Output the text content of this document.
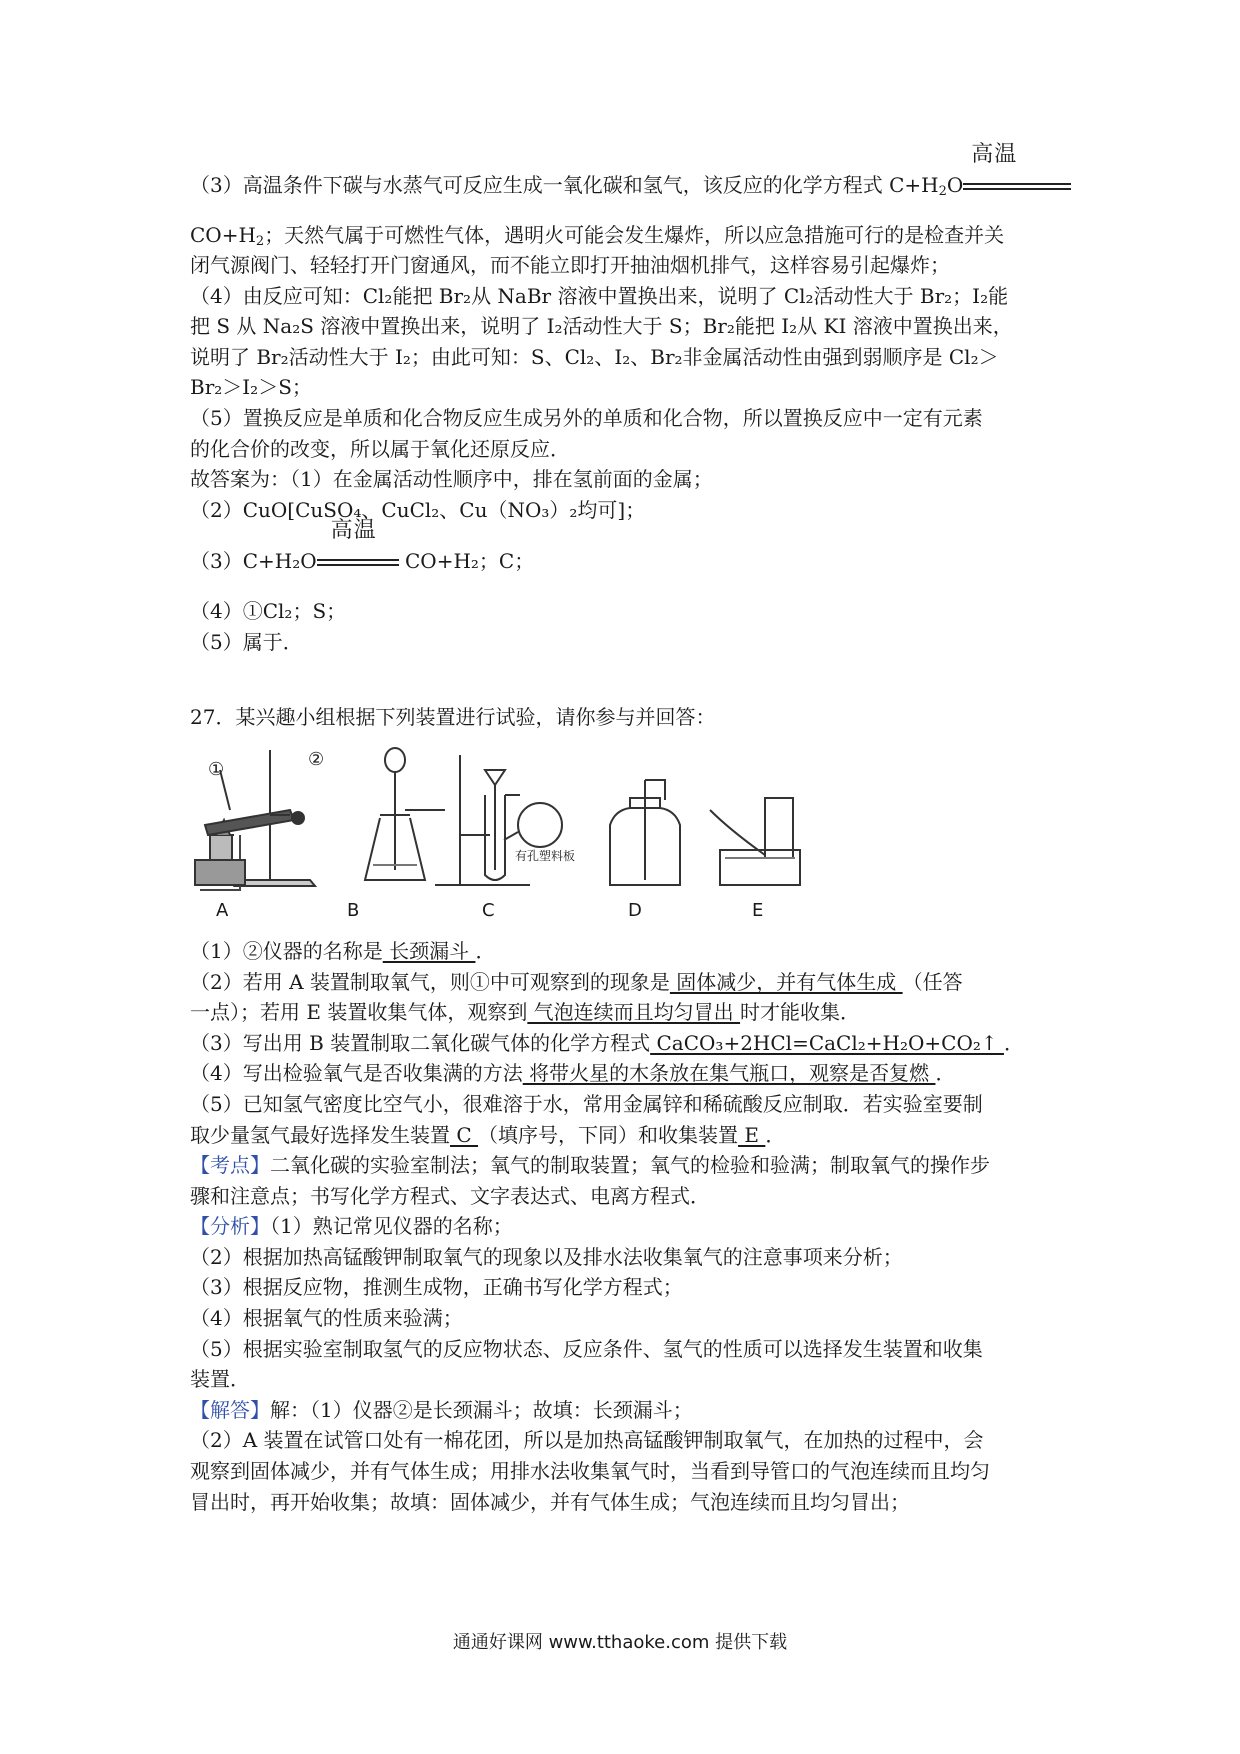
（3）高温条件下碳与水蒸气可反应生成一氧化碳和氢气，该反应的化学方程式 $C+H_2O$
高温
$CO+H_2$；天然气属于可燃性气体，遇明火可能会发生爆炸，所以应急措施可行的是检查并关
闭气源阀门、轻轻打开门窗通风，而不能立即打开抽油烟机排气，这样容易引起爆炸；
（4）由反应可知：Cl₂能把 Br₂从 NaBr 溶液中置换出来，说明了 Cl₂活动性大于 Br₂；I₂能
把 S 从 Na₂S 溶液中置换出来，说明了 I₂活动性大于 S；Br₂能把 I₂从 KI 溶液中置换出来，
说明了 Br₂活动性大于 I₂；由此可知：S、Cl₂、I₂、Br₂非金属活动性由强到弱顺序是 Cl₂＞
Br₂＞I₂＞S；
（5）置换反应是单质和化合物反应生成另外的单质和化合物，所以置换反应中一定有元素
的化合价的改变，所以属于氧化还原反应．
故答案为：（1）在金属活动性顺序中，排在氢前面的金属；
（2）CuO[CuSO₄、CuCl₂、Cu（NO₃）₂均可]；
（3）C+H₂O
高温
CO+H₂；C；
（4）①Cl₂；S；
（5）属于．
27．某兴趣小组根据下列装置进行试验，请你参与并回答：
①	②
有孔塑料板
A	B	C	D	E
（1）②仪器的名称是 长颈漏斗 ．
（2）若用 A 装置制取氧气，则①中可观察到的现象是 固体减少，并有气体生成 （任答
一点）；若用 E 装置收集气体，观察到 气泡连续而且均匀冒出 时才能收集．
（3）写出用 B 装置制取二氧化碳气体的化学方程式 CaCO₃+2HCl=CaCl₂+H₂O+CO₂↑ ．
（4）写出检验氧气是否收集满的方法 将带火星的木条放在集气瓶口，观察是否复燃 ．
（5）已知氢气密度比空气小，很难溶于水，常用金属锌和稀硫酸反应制取．若实验室要制
取少量氢气最好选择发生装置 C （填序号，下同）和收集装置 E ．
【考点】二氧化碳的实验室制法；氧气的制取装置；氧气的检验和验满；制取氧气的操作步
骤和注意点；书写化学方程式、文字表达式、电离方程式．
【分析】（1）熟记常见仪器的名称；
（2）根据加热高锰酸钾制取氧气的现象以及排水法收集氧气的注意事项来分析；
（3）根据反应物，推测生成物，正确书写化学方程式；
（4）根据氧气的性质来验满；
（5）根据实验室制取氢气的反应物状态、反应条件、氢气的性质可以选择发生装置和收集
装置．
【解答】解：（1）仪器②是长颈漏斗；故填：长颈漏斗；
（2）A 装置在试管口处有一棉花团，所以是加热高锰酸钾制取氧气，在加热的过程中，会
观察到固体减少，并有气体生成；用排水法收集氧气时，当看到导管口的气泡连续而且均匀
冒出时，再开始收集；故填：固体减少，并有气体生成；气泡连续而且均匀冒出；
通通好课网 www.tthaoke.com 提供下载
